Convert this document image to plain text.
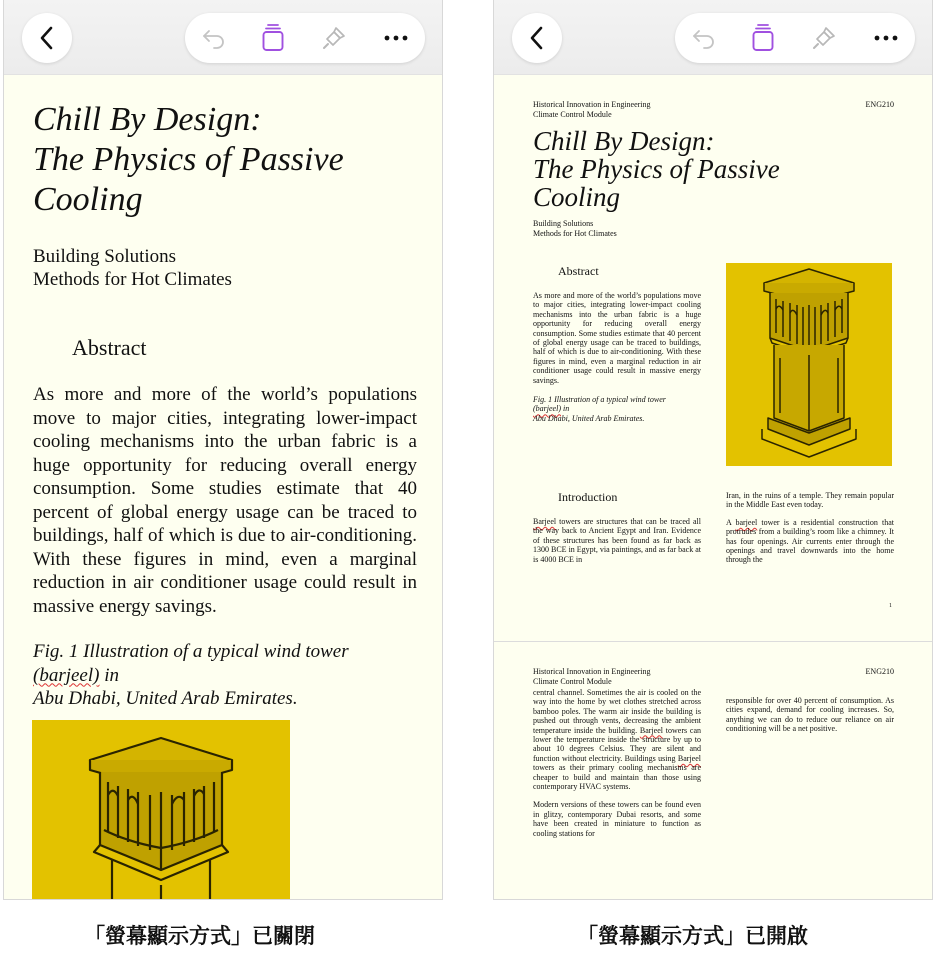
Chill By Design:
The Physics of Passive
Cooling
Building Solutions
Methods for Hot Climates
Abstract

As more and more of the world’s populations move to major cities, integrating lower-impact cooling mechanisms into the urban fabric is a huge opportunity for reducing overall energy consumption. Some studies estimate that 40 percent of global energy usage can be traced to buildings, half of which is due to air-conditioning. With these figures in mind, even a marginal reduction in air conditioner usage could result in massive energy savings.

Fig. 1 Illustration of a typical wind tower
(barjeel) in
Abu Dhabi, United Arab Emirates.

Historical Innovation in Engineering
Climate Control Module
ENG210
Chill By Design:
The Physics of Passive
Cooling
Building Solutions
Methods for Hot Climates
Abstract

As more and more of the world’s populations move to major cities, integrating lower-impact cooling mechanisms into the urban fabric is a huge opportunity for reducing overall energy consumption. Some studies estimate that 40 percent of global energy usage can be traced to buildings, half of which is due to air-conditioning. With these figures in mind, even a marginal reduction in air conditioner usage could result in massive energy savings.

Fig. 1 Illustration of a typical wind tower
(barjeel) in
Abu Dhabi, United Arab Emirates.

Introduction
Barjeel towers are structures that can be traced all the way back to Ancient Egypt and Iran. Evidence of these structures has been found as far back as 1300 BCE in Egypt, via paintings, and as far back at is 4000 BCE in

Iran, in the ruins of a temple. They remain popular in the Middle East even today.

A barjeel tower is a residential construction that protrudes from a building’s room like a chimney. It has four openings. Air currents enter through the openings and travel downwards into the home through the

1
Historical Innovation in Engineering
Climate Control Module
ENG210

central channel. Sometimes the air is cooled on the way into the home by wet clothes stretched across bamboo poles. The warm air inside the building is pushed out through vents, decreasing the ambient temperature inside the building. Barjeel towers can lower the temperature inside the structure by up to about 10 degrees Celsius. They are silent and function without electricity. Buildings using Barjeel towers as their primary cooling mechanisms are cheaper to build and maintain than those using contemporary HVAC systems.

Modern versions of these towers can be found even in glitzy, contemporary Dubai resorts, and some have been created in miniature to function as cooling stations for

responsible for over 40 percent of consumption. As cities expand, demand for cooling increases. So, anything we can do to reduce our reliance on air conditioning will be a net positive.

「螢幕顯示方式」已關閉	「螢幕顯示方式」已開啟
